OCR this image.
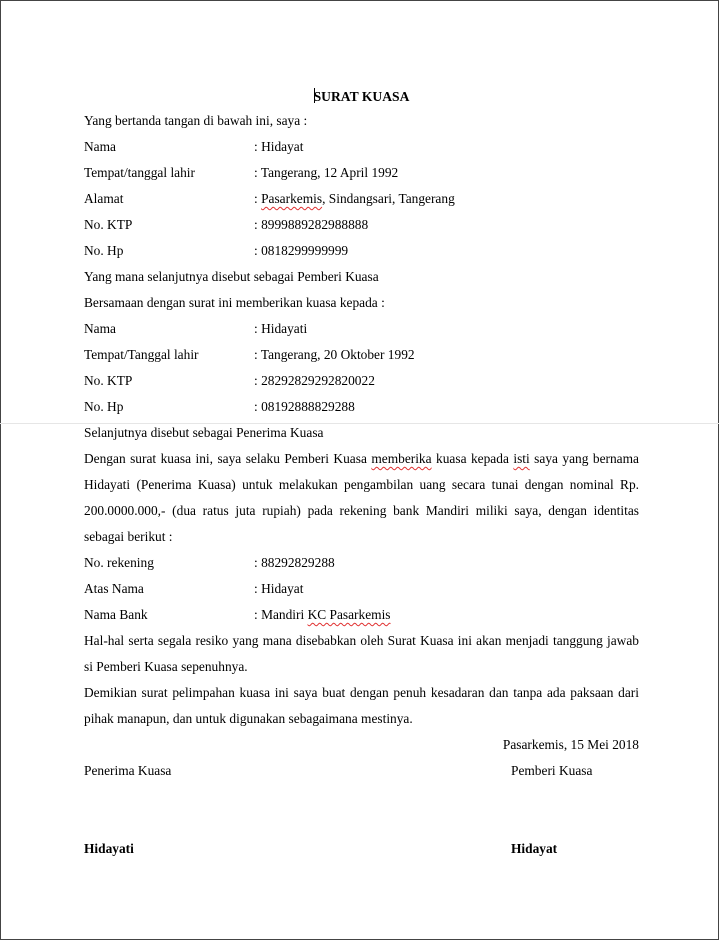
SURAT KUASA
Yang bertanda tangan di bawah ini, saya :
Nama	: Hidayat
Tempat/tanggal lahir	: Tangerang, 12 April 1992
Alamat	: Pasarkemis, Sindangsari, Tangerang
No. KTP	: 8999889282988888
No. Hp	: 0818299999999
Yang mana selanjutnya disebut sebagai Pemberi Kuasa
Bersamaan dengan surat ini memberikan kuasa kepada :
Nama	: Hidayati
Tempat/Tanggal lahir	: Tangerang, 20 Oktober 1992
No. KTP	: 28292829292820022
No. Hp	: 08192888829288
Selanjutnya disebut sebagai Penerima Kuasa
Dengan surat kuasa ini, saya selaku Pemberi Kuasa memberika kuasa kepada isti saya yang bernama Hidayati (Penerima Kuasa) untuk melakukan pengambilan uang secara tunai dengan nominal Rp. 200.0000.000,- (dua ratus juta rupiah) pada rekening bank Mandiri miliki saya, dengan identitas sebagai berikut :
No. rekening	: 88292829288
Atas Nama	: Hidayat
Nama Bank	: Mandiri KC Pasarkemis
Hal-hal serta segala resiko yang mana disebabkan oleh Surat Kuasa ini akan menjadi tanggung jawab si Pemberi Kuasa sepenuhnya.
Demikian surat pelimpahan kuasa ini saya buat dengan penuh kesadaran dan tanpa ada paksaan dari pihak manapun, dan untuk digunakan sebagaimana mestinya.
Pasarkemis, 15 Mei 2018
Penerima Kuasa	Pemberi Kuasa
Hidayati	Hidayat
